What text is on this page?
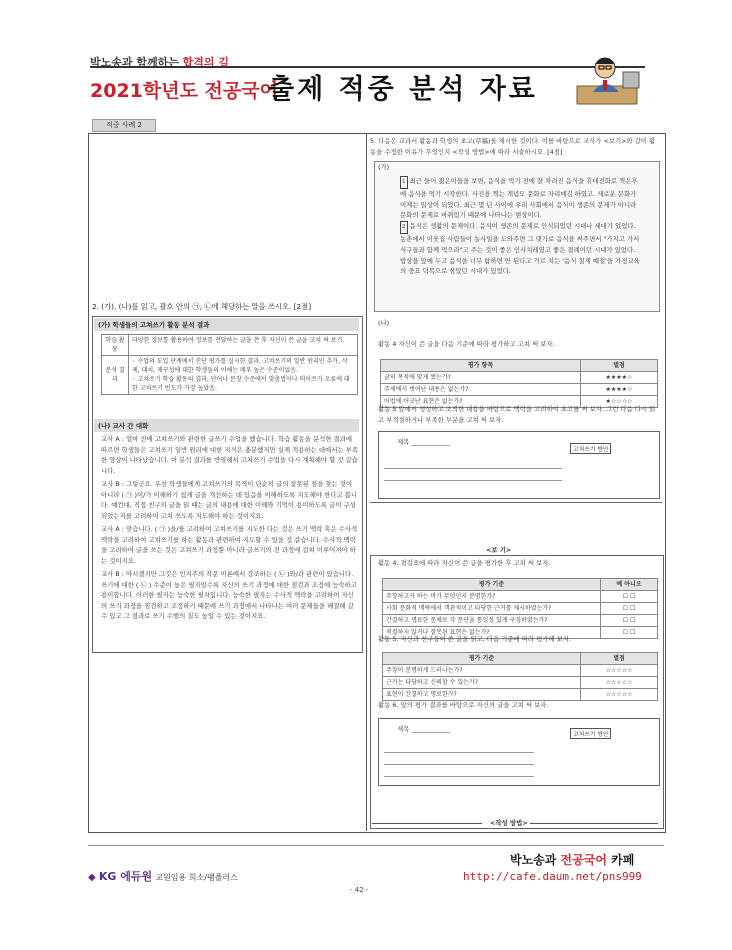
박노송과 함께하는 합격의 길
2021학년도 전공국어
출제 적중 분석 자료
적중 사례 2
2. (가), (나)를 읽고, 괄호 안의 ㉠, ㉡에 해당하는 말을 쓰시오. [2점]
(가) 학생들의 고쳐쓰기 활동 분석 결과
학습 활동	다양한 정보를 활용하여 정보를 전달하는 글을 쓴 후 자신이 쓴 글을 고쳐 써 보기.
분석 결과	◦ 수업의 도입 단계에서 진단 평가를 실시한 결과, 고쳐쓰기의 일반 원리인 추가, 삭제, 대치, 재구성에 대한 학생들의 이해는 매우 높은 수준이었음.
◦ 고쳐쓰기 학습 활동의 결과, 단어나 문장 수준에서 맞춤법이나 띄어쓰기 오류에 대한 고쳐쓰기 빈도가 가장 높았음.
(나) 교사 간 대화

교사 A : 얼마 전에 고쳐쓰기와 관련한 글쓰기 수업을 했습니다. 학습 활동을 분석한 결과에 따르면 학생들은 고쳐쓰기 일반 원리에 대한 지식은 충분했지만 실제 적용하는 데에서는 부족한 양상이 나타났습니다. 이 분석 결과를 반영해서 고쳐쓰기 수업을 다시 계획해야 할 것 같습니다.

교사 B : 그렇군요. 우선 학생들에게 고쳐쓰기의 목적이 단순히 글의 잘못된 점을 찾는 것이 아니라 ( ㉠ )이/가 이해하기 쉽게 글을 개선하는 데 있음을 이해하도록 지도해야 한다고 봅니다. 예컨대, 직접 친구의 글을 읽 때는 글의 내용에 대한 이해와 기억이 용이하도록 글이 구성되었는지를 고려하여 고쳐 쓰도록 지도해야 하는 것이지요.

교사 A : 맞습니다. ( ㉠ )을/를 고려하여 고쳐쓰기를 지도한 다는 것은 쓰기 맥락 혹은 수사적 맥락을 고려하여 고쳐쓰기를 하는 활동과 관련하여 지도할 수 있을 것 같습니다. 수사적 맥락을 고려하여 글을 쓰는 것은 고쳐쓰기 과정뿐 아니라 글쓰기의 전 과정에 걸쳐 이루어져야 하는 것이지요.

교사 B : 아시겠지만 그것은 인지주의 작문 이론에서 강조하는 ( ㉡ )와/과 관련이 있습니다. 쓰기에 대한 ( ㉡ ) 수준이 높은 필자일수록 자신의 쓰기 과정에 대한 점검과 조정에 능숙하고 용이합니다. 이러한 필자는 능숙한 필자입니다. 능숙한 필자는 수사적 맥락을 고려하여 자신의 쓰기 과정을 점검하고 조정하기 때문에 쓰기 과정에서 나타나는 여러 문제들을 해결해 갈 수 있고 그 결과로 쓰기 수행의 질도 높일 수 있는 것이지요.

5. 다음은 교과서 활동과 학생의 초고(草稿)를 제시한 것이다. 이를 바탕으로 교사가 <보기>와 같이 활동을 수정한 이유가 무엇인지 <작성 방법>에 따라 서술하시오. [4점]
(가)
1 최근 들어 젊은이들을 보면, 음식을 먹기 전에 잘 차려진 음식을 휴대전화로 찍은후에 음식을 먹기 시작한다. 사진을 찍는 개념도 문화로 자리매김 하였고. 새로운 문화가 이제는 일상이 되었다. 최근 몇 년 사이에 우리 사회에서 음식이 생존의 문제가 아니라 문화의 문제로 바뀌었기 때문에 나타나는 현상이다.
2 음식은 생활의 문제이다. 음식이 생존의 문제로 인식되었던 시대나 세대가 있었다. 농촌에서 이웃집 사람들이 농사일을 도와주면 그 댓가로 음식을 싸주면서 "가지고 가서 식구들과 함께 먹으라"고 주는 것이 좋은 인사치레였고 좋은 결례이던 시대가 있었다. 밥상을 앞에 두고 음식을 너무 탐하면 안 된다고 가르 치는 '음식 절제 예절'을 가정교육의 중요 덕목으로 삼았던 시대가 있었다.
(나)
활동 4 자신이 쓴 글을 다음 기준에 따라 평가하고 고쳐 써 보자.
평가 항목	별점
글의 목적에 맞게 썼는가?	★★★★☆
주제에서 벗어난 내용은 없는가?	★★★★☆
어법에 어긋난 표현은 없는가?	★☆☆☆☆
활동 5 앞에서 생성하고 조직한 내용을 바탕으로 맥락을 고려하여 초고를 써 보자. 그런 다음 다시 읽고 부적절하거나 부족한 부분을 고쳐 써 보자.
제목 ____________
고쳐쓰기 방안
<보 기>
활동 4. 점검표에 따라 자신이 쓴 글을 평가한 후 고쳐 써 보자.
평가 기준	예 아니오
주장하고자 하는 바가 무엇인지 분명한가?	☐ ☐
사회 문화적 맥락에서 객관적이고 타당한 근거를 제시하였는가?	☐ ☐
간결하고 명료한 문체로 각 문단을 통일성 있게 구성하였는가?	☐ ☐
적절하지 않거나 잘못된 표현은 없는가?	☐ ☐
활동 5. 자신과 친구들이 쓴 글을 읽고, 다음 기준에 따라 평가해 보자.
평가 기준	별점
주장이 분명하게 드러나는가?	☆☆☆☆☆
근거는 타당하고 신뢰할 수 있는가?	☆☆☆☆☆
표현이 간결하고 명료한가?	☆☆☆☆☆
활동 6. 앞의 평가 결과를 바탕으로 자신의 글을 고쳐 써 보자.
제목 ____________
고쳐쓰기 방안
<작성 방법>
박노송과 전공국어 카페
http://cafe.daum.net/pns999
◆ KG 에듀원 교원임용 희소/팸플러스
- 42 -
